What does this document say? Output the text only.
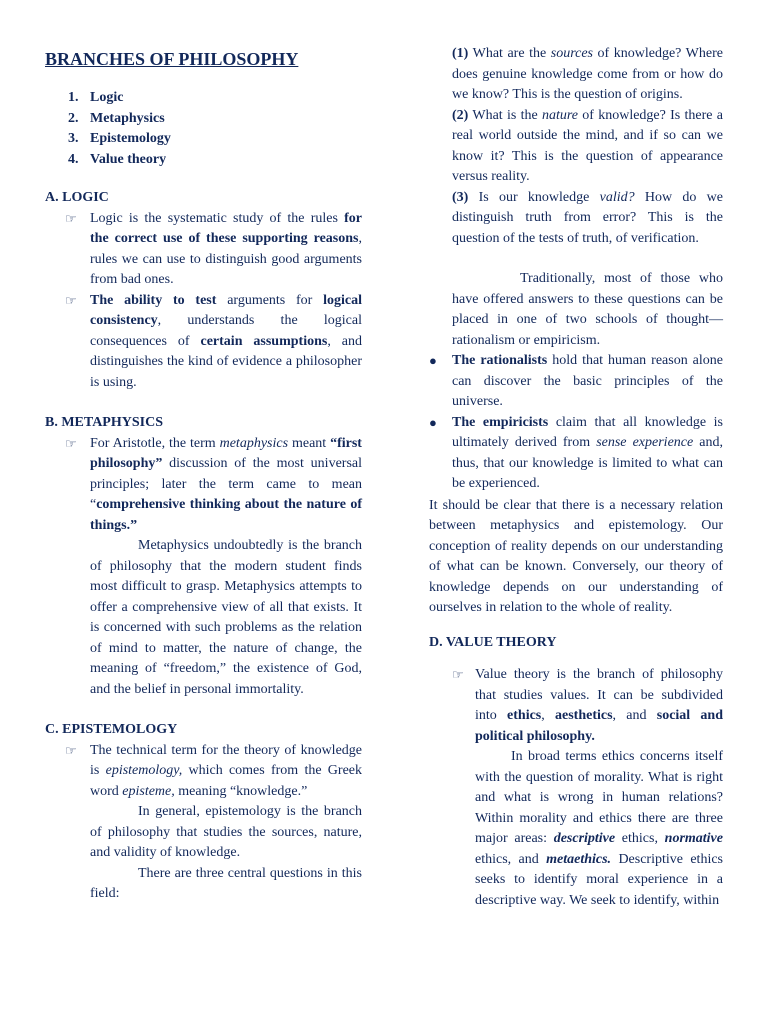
BRANCHES OF PHILOSOPHY
1. Logic
2. Metaphysics
3. Epistemology
4. Value theory
A. LOGIC
☞ Logic is the systematic study of the rules for the correct use of these supporting reasons, rules we can use to distinguish good arguments from bad ones.
☞ The ability to test arguments for logical consistency, understands the logical consequences of certain assumptions, and distinguishes the kind of evidence a philosopher is using.
B. METAPHYSICS
☞ For Aristotle, the term metaphysics meant “first philosophy” discussion of the most universal principles; later the term came to mean “comprehensive thinking about the nature of things.”

Metaphysics undoubtedly is the branch of philosophy that the modern student finds most difficult to grasp. Metaphysics attempts to offer a comprehensive view of all that exists. It is concerned with such problems as the relation of mind to matter, the nature of change, the meaning of “freedom,” the existence of God, and the belief in personal immortality.

C. EPISTEMOLOGY
☞ The technical term for the theory of knowledge is epistemology, which comes from the Greek word episteme, meaning “knowledge.”

In general, epistemology is the branch of philosophy that studies the sources, nature, and validity of knowledge.

There are three central questions in this field:

(1) What are the sources of knowledge? Where does genuine knowledge come from or how do we know? This is the question of origins.

(2) What is the nature of knowledge? Is there a real world outside the mind, and if so can we know it? This is the question of appearance versus reality.

(3) Is our knowledge valid? How do we distinguish truth from error? This is the question of the tests of truth, of verification.

Traditionally, most of those who have offered answers to these questions can be placed in one of two schools of thought—rationalism or empiricism.

●	The rationalists hold that human reason alone can discover the basic principles of the universe.
●	The empiricists claim that all knowledge is ultimately derived from sense experience and, thus, that our knowledge is limited to what can be experienced.

It should be clear that there is a necessary relation between metaphysics and epistemology. Our conception of reality depends on our understanding of what can be known. Conversely, our theory of knowledge depends on our understanding of ourselves in relation to the whole of reality.

D. VALUE THEORY
☞ Value theory is the branch of philosophy that studies values. It can be subdivided into ethics, aesthetics, and social and political philosophy.

In broad terms ethics concerns itself with the question of morality. What is right and what is wrong in human relations? Within morality and ethics there are three major areas: descriptive ethics, normative ethics, and metaethics. Descriptive ethics seeks to identify moral experience in a descriptive way. We seek to identify, within
